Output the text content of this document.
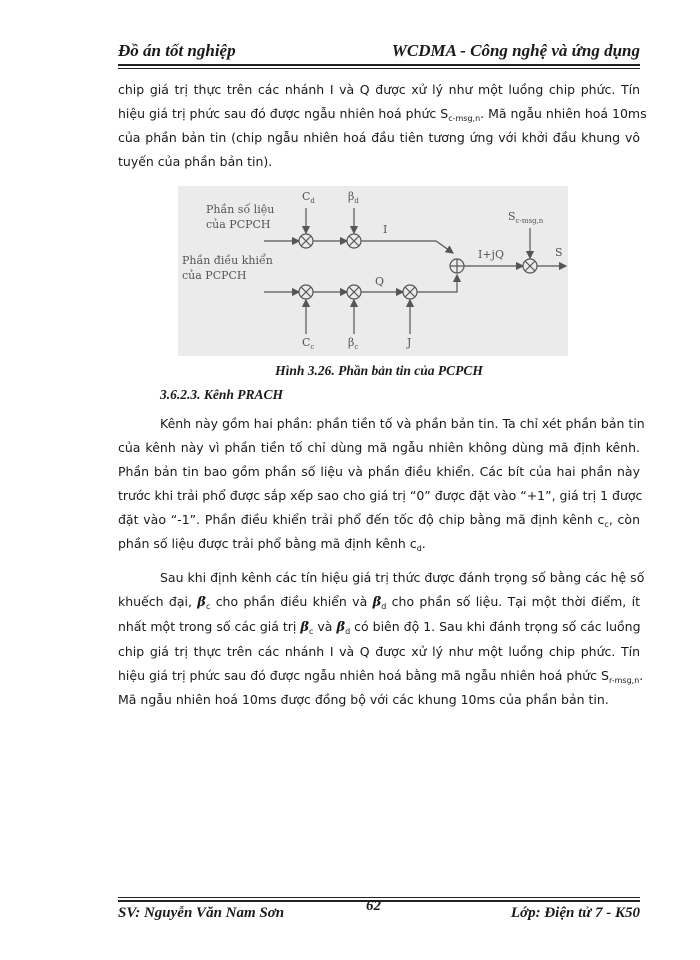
Đồ án tốt nghiệp	WCDMA - Công nghệ và ứng dụng
chip giá trị thực trên các nhánh I và Q được xử lý như một luồng chip phức. Tín
hiệu giá trị phức sau đó được ngẫu nhiên hoá phức $S_{c-msg,n}$. Mã ngẫu nhiên hoá 10ms
của phần bản tin (chip ngẫu nhiên hoá đầu tiên tương ứng với khởi đầu khung vô
tuyến của phần bản tin).
Phần số liệu
của PCPCH
Phần điều khiển
của PCPCH
$C_d$	$\beta_d$
I
Q
J
$C_c$	$\beta_c$
I+jQ
$S_{c-msg,n}$
S
Hình 3.26. Phần bản tin của PCPCH
3.6.2.3. Kênh PRACH
Kênh này gồm hai phần: phần tiền tố và phần bản tin. Ta chỉ xét phần bản tin
của kênh này vì phần tiền tố chỉ dùng mã ngẫu nhiên không dùng mã định kênh.
Phần bản tin bao gồm phần số liệu và phần điều khiển. Các bít của hai phần này
trước khi trải phổ được sắp xếp sao cho giá trị “0” được đặt vào “+1”, giá trị 1 được
đặt vào “-1”. Phần điều khiển trải phổ đến tốc độ chip bằng mã định kênh $c_c$, còn
phần số liệu được trải phổ bằng mã định kênh $c_d$.
Sau khi định kênh các tín hiệu giá trị thức được đánh trọng số bằng các hệ số
khuếch đại, $\beta_c$ cho phần điều khiển và $\beta_d$ cho phần số liệu. Tại một thời điểm, ít
nhất một trong số các giá trị $\beta_c$ và $\beta_d$ có biên độ 1. Sau khi đánh trọng số các luồng
chip giá trị thực trên các nhánh I và Q được xử lý như một luồng chip phức. Tín
hiệu giá trị phức sau đó được ngẫu nhiên hoá bằng mã ngẫu nhiên hoá phức $S_{r-msg,n}$.
Mã ngẫu nhiên hoá 10ms được đồng bộ với các khung 10ms của phần bản tin.
SV: Nguyễn Văn Nam Sơn	62	Lớp: Điện tử 7 - K50
